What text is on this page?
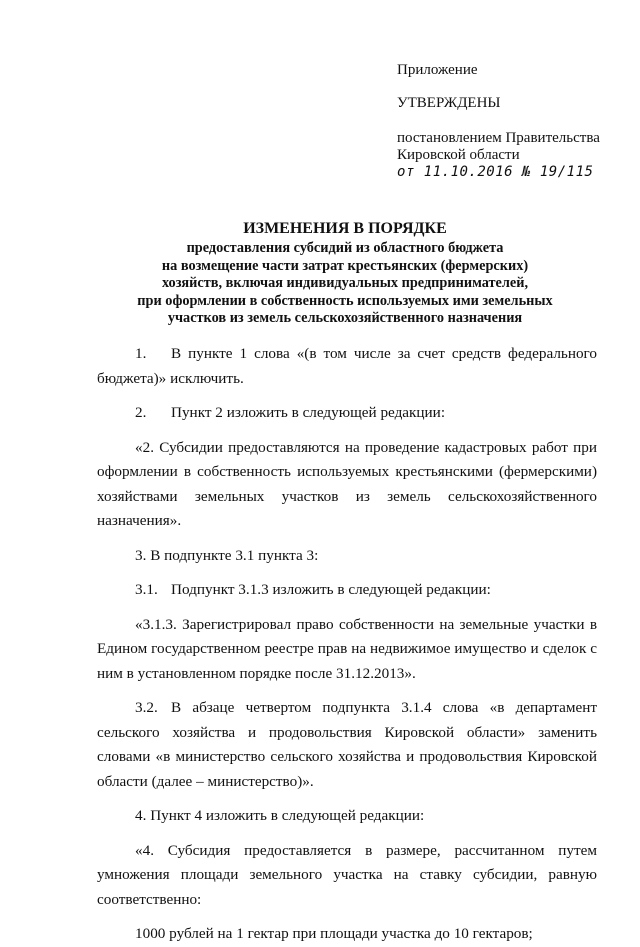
Приложение
УТВЕРЖДЕНЫ
постановлением Правительства
Кировской области
от 11.10.2016 № 19/115
ИЗМЕНЕНИЯ В ПОРЯДКЕ
предоставления субсидий из областного бюджета
на возмещение части затрат крестьянских (фермерских)
хозяйств, включая индивидуальных предпринимателей,
при оформлении в собственность используемых ими земельных
участков из земель сельскохозяйственного назначения

1. В пункте 1 слова «(в том числе за счет средств федерального бюджета)» исключить.

2. Пункт 2 изложить в следующей редакции:

«2. Субсидии предоставляются на проведение кадастровых работ при оформлении в собственность используемых крестьянскими (фермерскими) хозяйствами земельных участков из земель сельскохозяйственного назначения».

3. В подпункте 3.1 пункта 3:

3.1. Подпункт 3.1.3 изложить в следующей редакции:

«3.1.3. Зарегистрировал право собственности на земельные участки в Едином государственном реестре прав на недвижимое имущество и сделок с ним в установленном порядке после 31.12.2013».

3.2. В абзаце четвертом подпункта 3.1.4 слова «в департамент сельского хозяйства и продовольствия Кировской области» заменить словами «в министерство сельского хозяйства и продовольствия Кировской области (далее – министерство)».

4. Пункт 4 изложить в следующей редакции:

«4. Субсидия предоставляется в размере, рассчитанном путем умножения площади земельного участка на ставку субсидии, равную соответственно:

1000 рублей на 1 гектар при площади участка до 10 гектаров;
